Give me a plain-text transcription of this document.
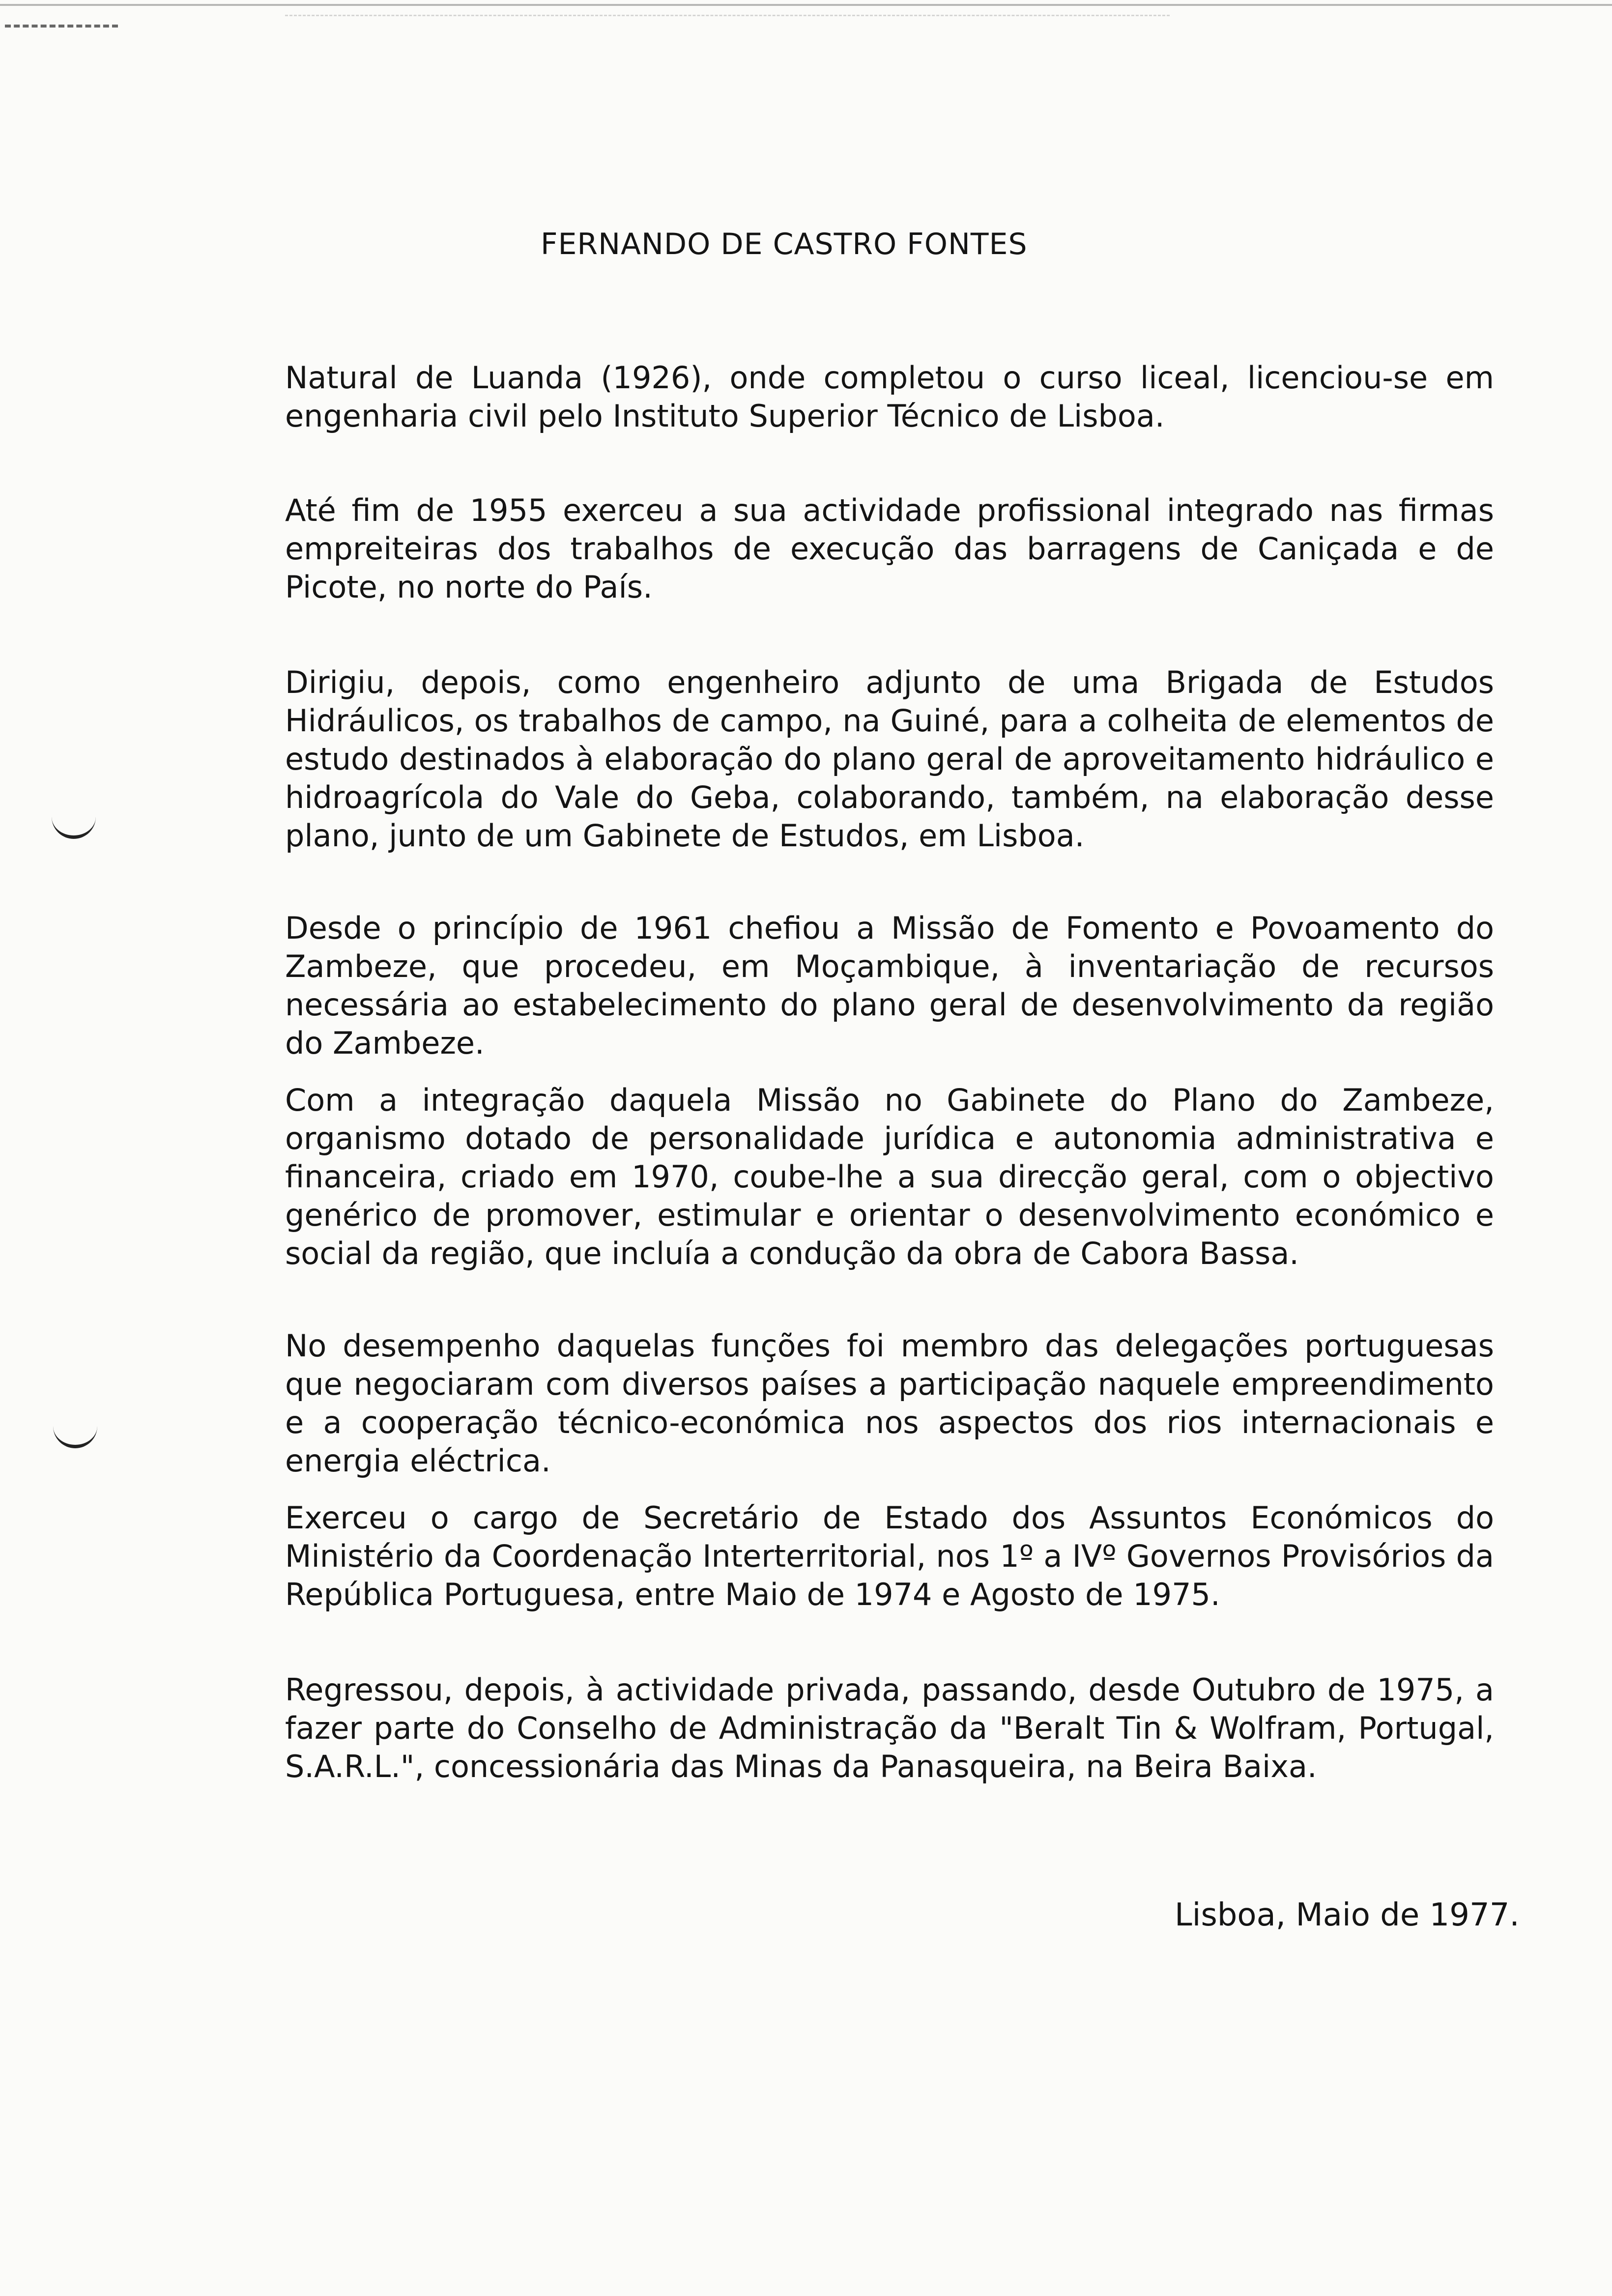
FERNANDO DE CASTRO FONTES

Natural de Luanda (1926), onde completou o curso liceal, licenciou-se em engenharia civil pelo Instituto Superior Técnico de Lisboa.

Até fim de 1955 exerceu a sua actividade profissional integrado nas firmas empreiteiras dos trabalhos de execução das barragens de Caniçada e de Picote, no norte do País.

Dirigiu, depois, como engenheiro adjunto de uma Brigada de Estudos Hidráulicos, os trabalhos de campo, na Guiné, para a colheita de elementos de estudo destinados à elaboração do plano geral de aproveitamento hidráulico e hidroagrícola do Vale do Geba, colaborando, também, na elaboração desse plano, junto de um Gabinete de Estudos, em Lisboa.

Desde o princípio de 1961 chefiou a Missão de Fomento e Povoamento do Zambeze, que procedeu, em Moçambique, à inventariação de recursos necessária ao estabelecimento do plano geral de desenvolvimento da região do Zambeze.

Com a integração daquela Missão no Gabinete do Plano do Zambeze, organismo dotado de personalidade jurídica e autonomia administrativa e financeira, criado em 1970, coube-lhe a sua direcção geral, com o objectivo genérico de promover, estimular e orientar o desenvolvimento económico e social da região, que incluía a condução da obra de Cabora Bassa.

No desempenho daquelas funções foi membro das delegações portuguesas que negociaram com diversos países a participação naquele empreendimento e a cooperação técnico-económica nos aspectos dos rios internacionais e energia eléctrica.

Exerceu o cargo de Secretário de Estado dos Assuntos Económicos do Ministério da Coordenação Interterritorial, nos 1º a IVº Governos Provisórios da República Portuguesa, entre Maio de 1974 e Agosto de 1975.

Regressou, depois, à actividade privada, passando, desde Outubro de 1975, a fazer parte do Conselho de Administração da "Beralt Tin & Wolfram, Portugal, S.A.R.L.", concessionária das Minas da Panasqueira, na Beira Baixa.

Lisboa, Maio de 1977.
